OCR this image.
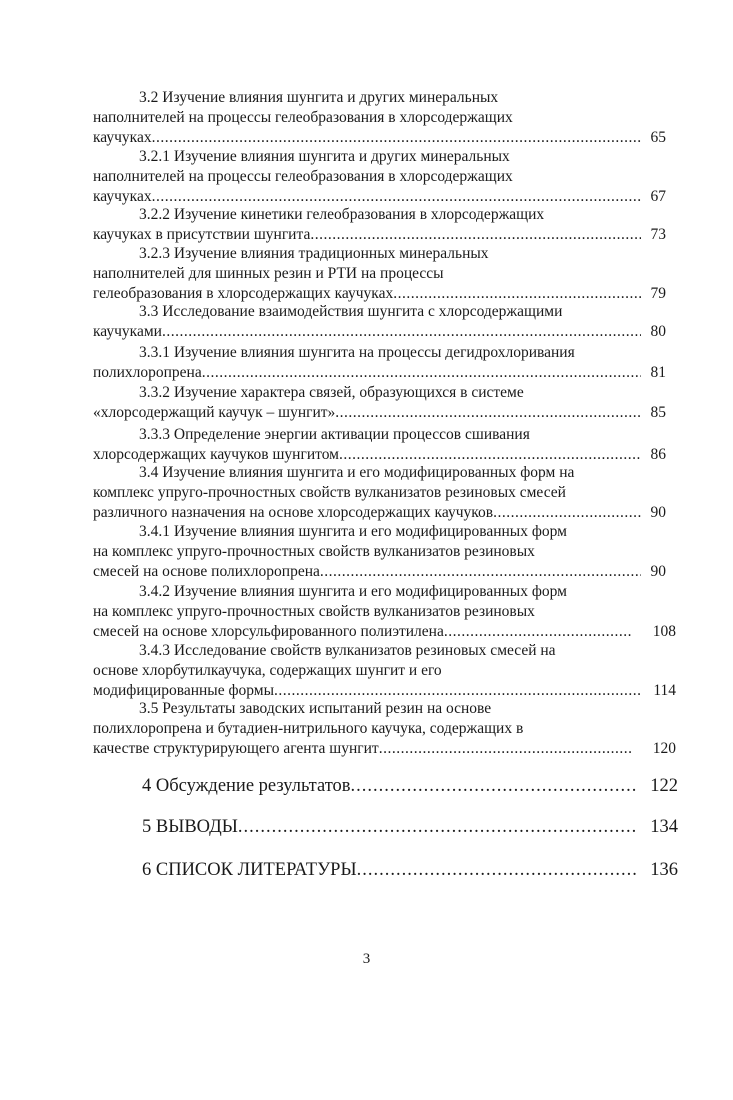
3.2 Изучение влияния шунгита и других минеральных
наполнителей на процессы гелеобразования в хлорсодержащих
каучуках .....	65
3.2.1 Изучение влияния шунгита и других минеральных
наполнителей на процессы гелеобразования в хлорсодержащих
каучуках .....	67
3.2.2 Изучение кинетики гелеобразования в хлорсодержащих
каучуках в присутствии шунгита .....	73
3.2.3 Изучение влияния традиционных минеральных
наполнителей для шинных резин и РТИ на процессы
гелеобразования в хлорсодержащих каучуках .....	79
3.3 Исследование взаимодействия шунгита с хлорсодержащими
каучуками .....	80
3.3.1 Изучение влияния шунгита на процессы дегидрохлоривания
полихлоропрена .....	81
3.3.2 Изучение характера связей, образующихся в системе
«хлорсодержащий каучук – шунгит» .....	85
3.3.3 Определение энергии активации процессов сшивания
хлорсодержащих каучуков шунгитом .....	86
3.4 Изучение влияния шунгита и его модифицированных форм на
комплекс упруго-прочностных свойств вулканизатов резиновых смесей
различного назначения на основе хлорсодержащих каучуков .....	90
3.4.1 Изучение влияния шунгита и его модифицированных форм
на комплекс упруго-прочностных свойств вулканизатов резиновых
смесей на основе полихлоропрена .....	90
3.4.2 Изучение влияния шунгита и его модифицированных форм
на комплекс упруго-прочностных свойств вулканизатов резиновых
смесей на основе хлорсульфированного полиэтилена .....	108
3.4.3 Исследование свойств вулканизатов резиновых смесей на
основе хлорбутилкаучука, содержащих шунгит и его
модифицированные формы .....	114
3.5 Результаты заводских испытаний резин на основе
полихлоропрена и бутадиен-нитрильного каучука, содержащих в
качестве структурирующего агента шунгит .....	120
4 Обсуждение результатов .....	122
5 ВЫВОДЫ .....	134
6 СПИСОК ЛИТЕРАТУРЫ .....	136
3
